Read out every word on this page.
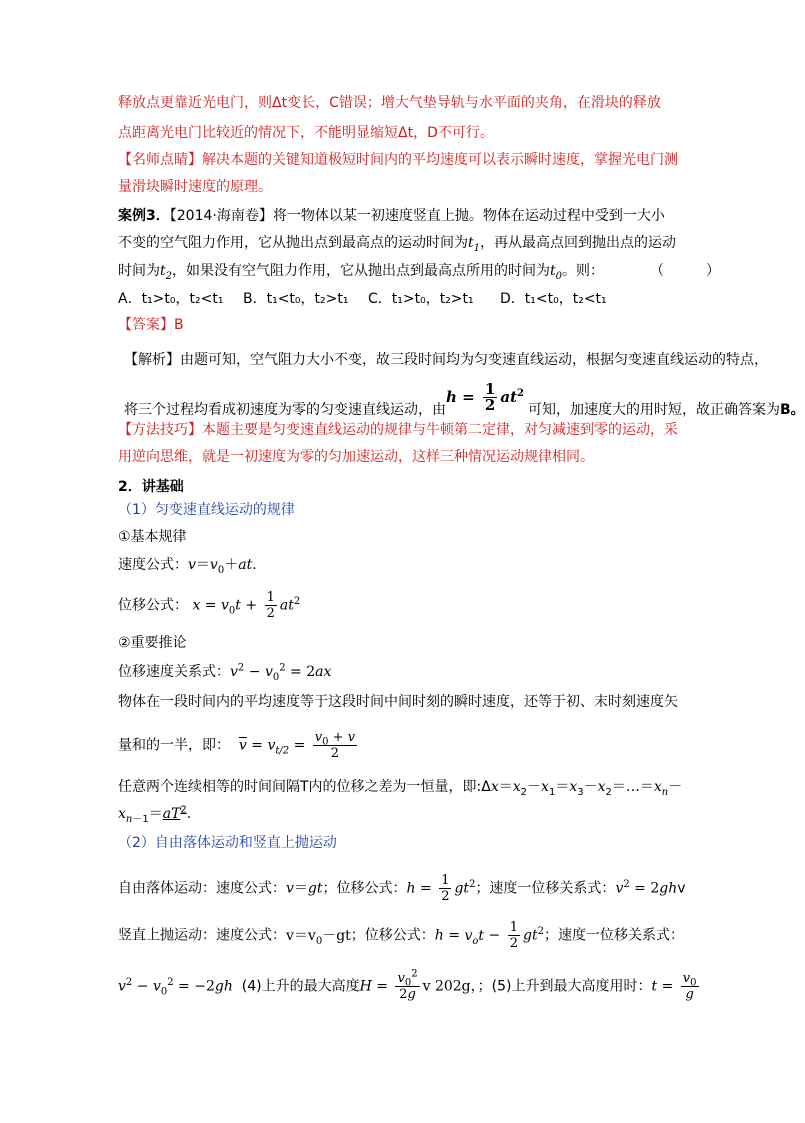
释放点更靠近光电门，则Δt变长，C错误；增大气垫导轨与水平面的夹角，在滑块的释放
点距离光电门比较近的情况下，不能明显缩短Δt，D不可行。
【名师点睛】解决本题的关键知道极短时间内的平均速度可以表示瞬时速度，掌握光电门测
量滑块瞬时速度的原理。
案例3．【2014·海南卷】将一物体以某一初速度竖直上抛。物体在运动过程中受到一大小
不变的空气阻力作用，它从抛出点到最高点的运动时间为$t_1$，再从最高点回到抛出点的运动
时间为$t_2$，如果没有空气阻力作用，它从抛出点到最高点所用的时间为$t_0$。则：	（　　　）
A．t₁>t₀，t₂<t₁ B．t₁<t₀，t₂>t₁ C．t₁>t₀，t₂>t₁ D．t₁<t₀，t₂<t₁
【答案】B
【解析】由题可知，空气阻力大小不变，故三段时间均为匀变速直线运动，根据匀变速直线运动的特点，
$h = \frac{1}{2} at^2$
将三个过程均看成初速度为零的匀变速直线运动，由	可知，加速度大的用时短，故正确答案为B。
【方法技巧】本题主要是匀变速直线运动的规律与牛顿第二定律，对匀减速到零的运动，采
用逆向思维，就是一初速度为零的匀加速运动，这样三种情况运动规律相同。
2．讲基础
（1）匀变速直线运动的规律
①基本规律
速度公式：$v=v_0+at$.
位移公式： $x = v_0t + \frac{1}{2} at^2$
②重要推论
位移速度关系式：$v^2 - v_0^2 = 2ax$
物体在一段时间内的平均速度等于这段时间中间时刻的瞬时速度，还等于初、末时刻速度矢
量和的一半，即： $\overline{v} = v_{t/2} = \frac{v_0 + v}{2}$
任意两个连续相等的时间间隔T内的位移之差为一恒量，即$:\Delta x=x_2-x_1=x_3-x_2=\dots=x_n-$
$x_{n-1}=aT^2$.
（2）自由落体运动和竖直上抛运动
自由落体运动：速度公式：v＝gt；位移公式：$h = \frac{1}{2} gt^2$；速度一位移关系式：$v^2 = 2ghv$
竖直上抛运动：速度公式：$v=v_0-gt$；位移公式：$h = v_ot - \frac{1}{2} gt^2$；速度一位移关系式：
$v^2 - v_0^2 = -2gh$ (4)上升的最大高度$H = \frac{v_0^2}{2g}$ v 202g，；(5)上升到最大高度用时：$t = \frac{v_0}{g}$
